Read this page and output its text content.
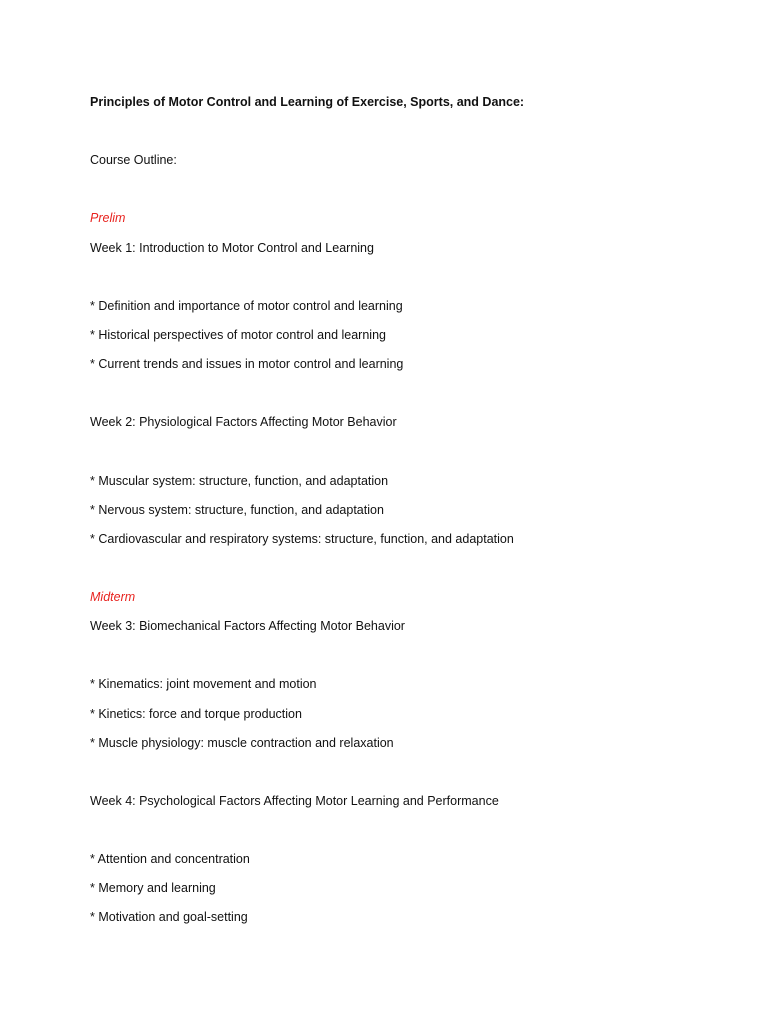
Principles of Motor Control and Learning of Exercise, Sports, and Dance:
Course Outline:
Prelim
Week 1: Introduction to Motor Control and Learning
* Definition and importance of motor control and learning
* Historical perspectives of motor control and learning
* Current trends and issues in motor control and learning
Week 2: Physiological Factors Affecting Motor Behavior
* Muscular system: structure, function, and adaptation
* Nervous system: structure, function, and adaptation
* Cardiovascular and respiratory systems: structure, function, and adaptation
Midterm
Week 3: Biomechanical Factors Affecting Motor Behavior
* Kinematics: joint movement and motion
* Kinetics: force and torque production
* Muscle physiology: muscle contraction and relaxation
Week 4: Psychological Factors Affecting Motor Learning and Performance
* Attention and concentration
* Memory and learning
* Motivation and goal-setting
